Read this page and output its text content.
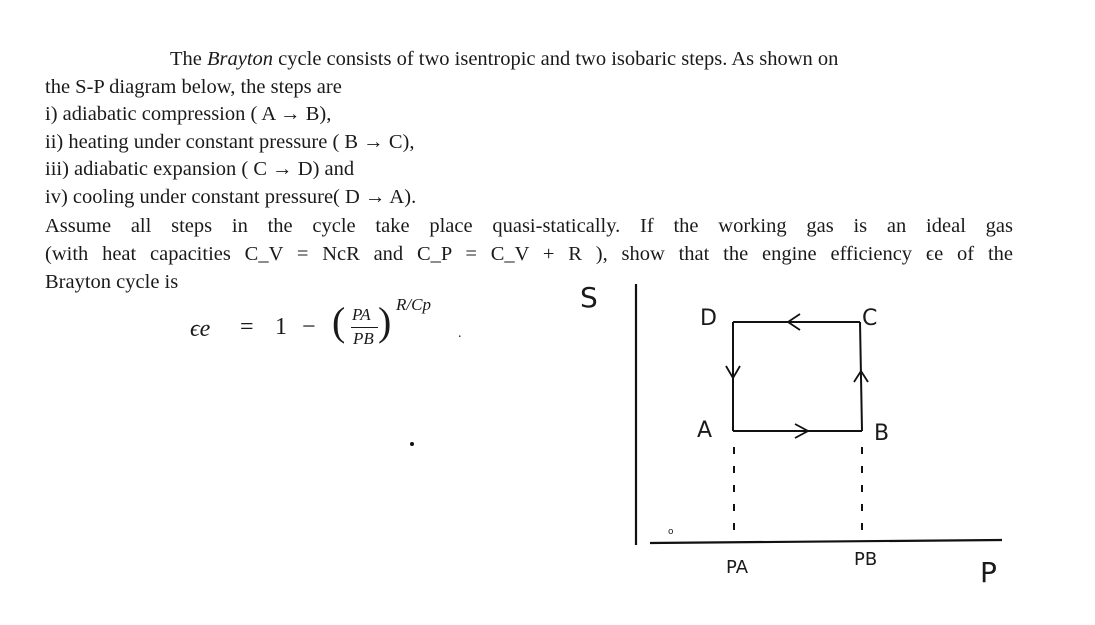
The Brayton cycle consists of two isentropic and two isobaric steps. As shown on
the S-P diagram below, the steps are
i) adiabatic compression ( A → B),
ii) heating under constant pressure ( B → C),
iii) adiabatic expansion ( C → D) and
iv) cooling under constant pressure( D → A).
Assume all steps in the cycle take place quasi-statically. If the working gas is an ideal gas
(with heat capacities C_V = NcR and C_P = C_V + R ), show that the engine efficiency ϵe of the
Brayton cycle is
ϵe = 1 − ( PA
PB ) R/Cp
.
S
P
D	C
A	B
PA	PB
o
